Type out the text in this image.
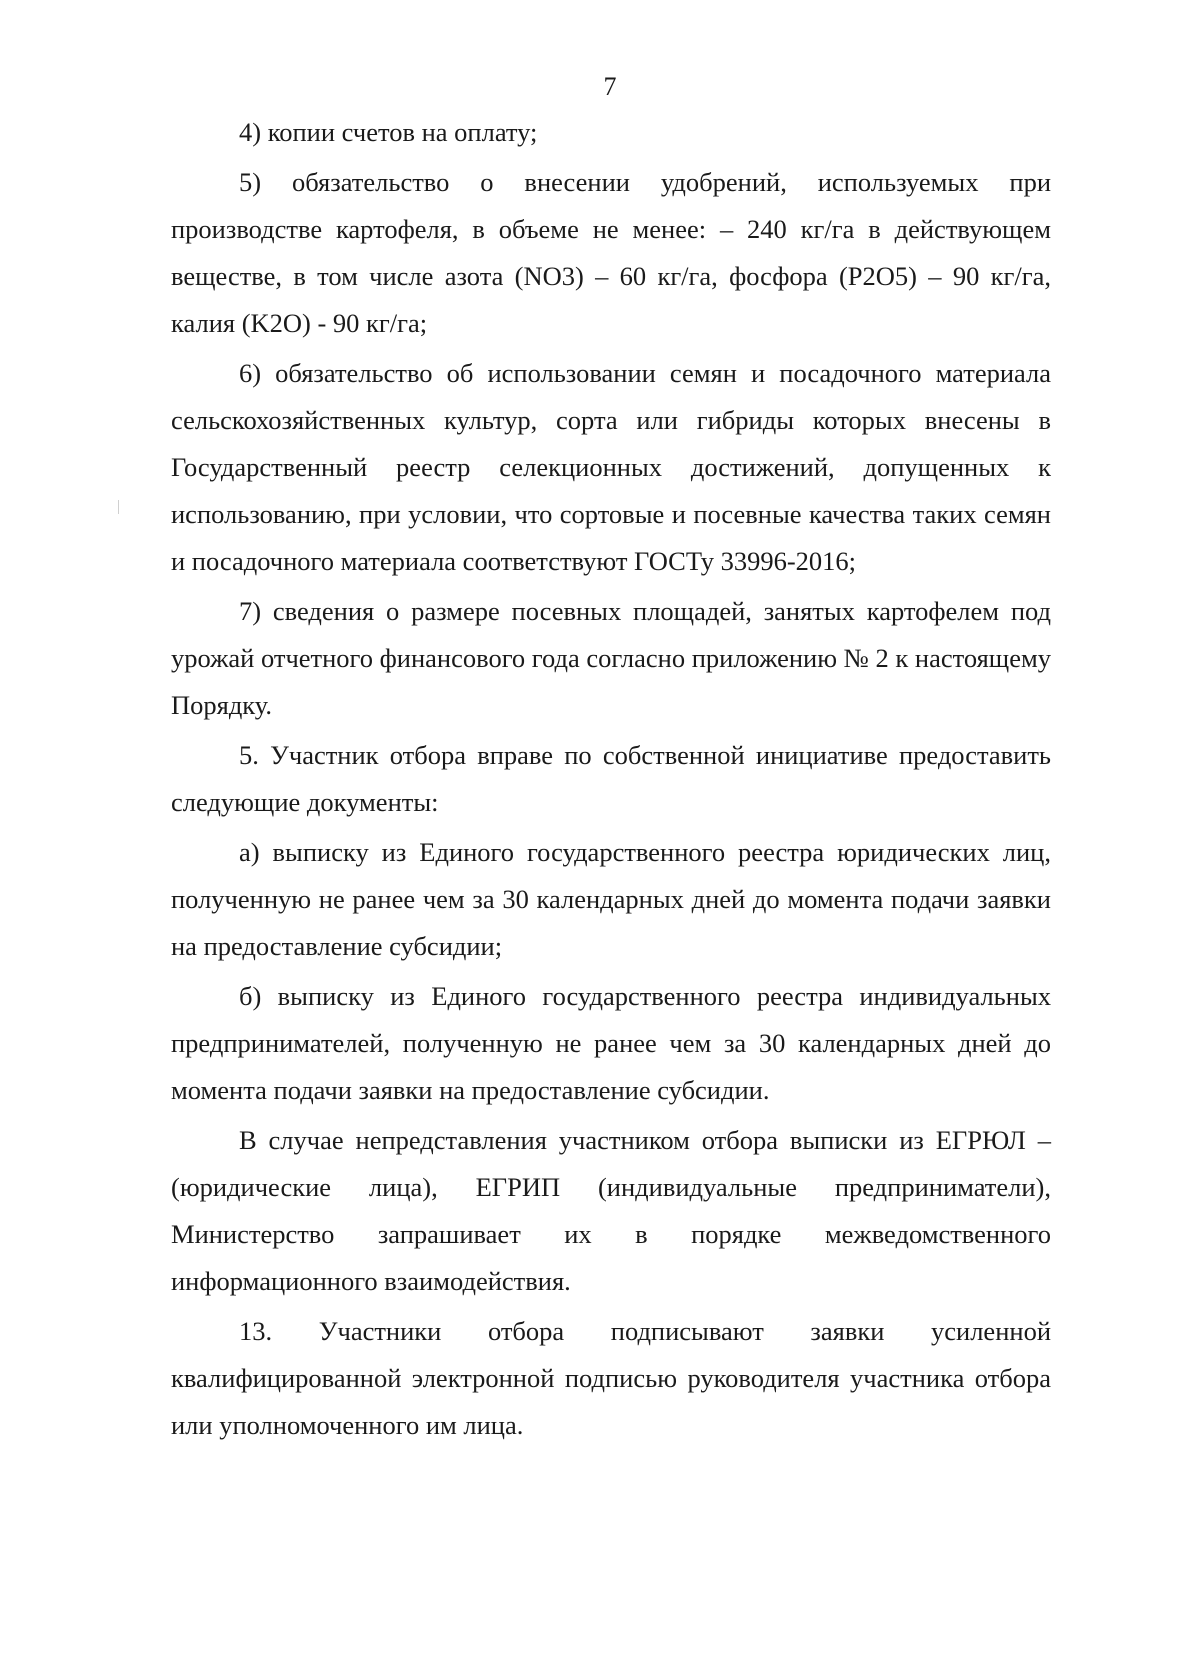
7

4) копии счетов на оплату;

5) обязательство о внесении удобрений, используемых при производстве картофеля, в объеме не менее: – 240 кг/га в действующем веществе, в том числе азота (NO3) – 60 кг/га, фосфора (P2O5) – 90 кг/га, калия (K2O) - 90 кг/га;

6) обязательство об использовании семян и посадочного материала сельскохозяйственных культур, сорта или гибриды которых внесены в Государственный реестр селекционных достижений, допущенных к использованию, при условии, что сортовые и посевные качества таких семян и посадочного материала соответствуют ГОСТу 33996-2016;

7) сведения о размере посевных площадей, занятых картофелем под урожай отчетного финансового года согласно приложению № 2 к настоящему Порядку.

5. Участник отбора вправе по собственной инициативе предоставить следующие документы:

а) выписку из Единого государственного реестра юридических лиц, полученную не ранее чем за 30 календарных дней до момента подачи заявки на предоставление субсидии;

б) выписку из Единого государственного реестра индивидуальных предпринимателей, полученную не ранее чем за 30 календарных дней до момента подачи заявки на предоставление субсидии.

В случае непредставления участником отбора выписки из ЕГРЮЛ – (юридические лица), ЕГРИП (индивидуальные предприниматели), Министерство запрашивает их в порядке межведомственного информационного взаимодействия.

13. Участники отбора подписывают заявки усиленной квалифицированной электронной подписью руководителя участника отбора или уполномоченного им лица.
